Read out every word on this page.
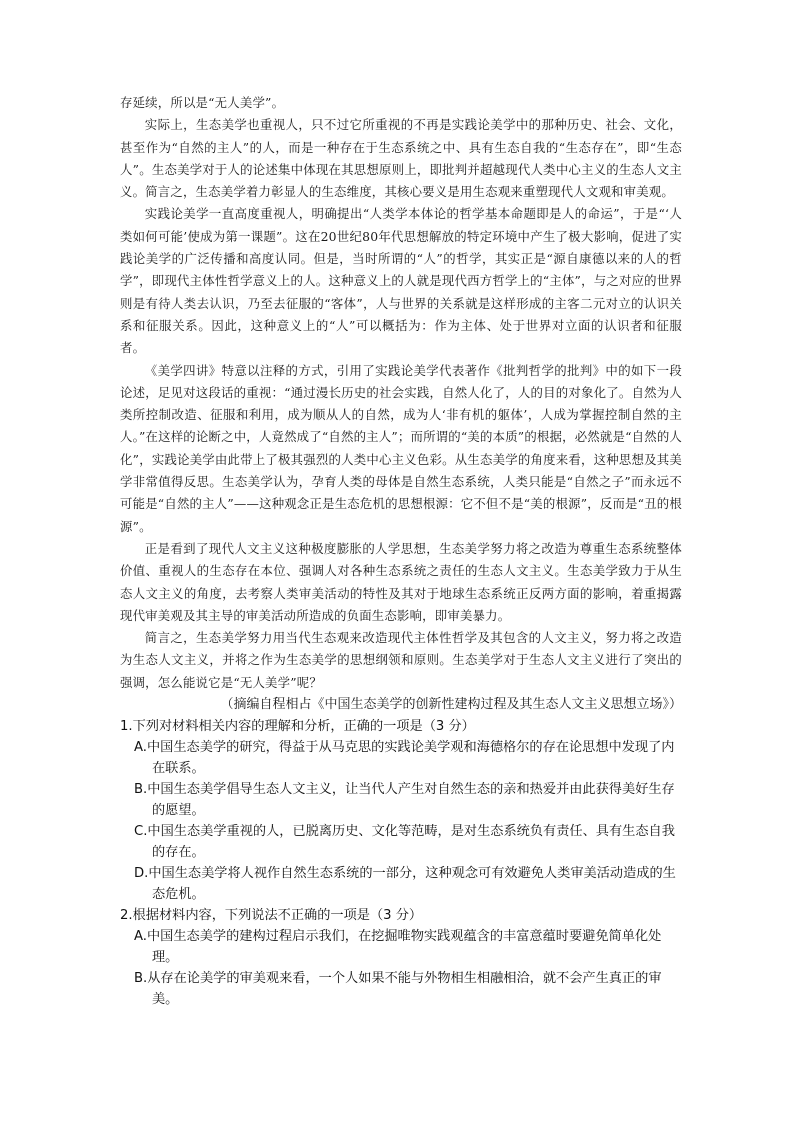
存延续，所以是“无人美学”。

实际上，生态美学也重视人，只不过它所重视的不再是实践论美学中的那种历史、社会、文化，甚至作为“自然的主人”的人，而是一种存在于生态系统之中、具有生态自我的“生态存在”，即“生态人”。生态美学对于人的论述集中体现在其思想原则上，即批判并超越现代人类中心主义的生态人文主义。简言之，生态美学着力彰显人的生态维度，其核心要义是用生态观来重塑现代人文观和审美观。

实践论美学一直高度重视人，明确提出“人类学本体论的哲学基本命题即是人的命运”，于是“‘人类如何可能’使成为第一课题”。这在20世纪80年代思想解放的特定环境中产生了极大影响，促进了实践论美学的广泛传播和高度认同。但是，当时所谓的“人”的哲学，其实正是“源自康德以来的人的哲学”，即现代主体性哲学意义上的人。这种意义上的人就是现代西方哲学上的“主体”，与之对应的世界则是有待人类去认识，乃至去征服的“客体”，人与世界的关系就是这样形成的主客二元对立的认识关系和征服关系。因此，这种意义上的“人”可以概括为：作为主体、处于世界对立面的认识者和征服者。

《美学四讲》特意以注释的方式，引用了实践论美学代表著作《批判哲学的批判》中的如下一段论述，足见对这段话的重视：“通过漫长历史的社会实践，自然人化了，人的目的对象化了。自然为人类所控制改造、征服和利用，成为顺从人的自然，成为人‘非有机的躯体’，人成为掌握控制自然的主人。”在这样的论断之中，人竟然成了“自然的主人”；而所谓的“美的本质”的根据，必然就是“自然的人化”，实践论美学由此带上了极其强烈的人类中心主义色彩。从生态美学的角度来看，这种思想及其美学非常值得反思。生态美学认为，孕育人类的母体是自然生态系统，人类只能是“自然之子”而永远不可能是“自然的主人”——这种观念正是生态危机的思想根源：它不但不是“美的根源”，反而是“丑的根源”。

正是看到了现代人文主义这种极度膨胀的人学思想，生态美学努力将之改造为尊重生态系统整体价值、重视人的生态存在本位、强调人对各种生态系统之责任的生态人文主义。生态美学致力于从生态人文主义的角度，去考察人类审美活动的特性及其对于地球生态系统正反两方面的影响，着重揭露现代审美观及其主导的审美活动所造成的负面生态影响，即审美暴力。

简言之，生态美学努力用当代生态观来改造现代主体性哲学及其包含的人文主义，努力将之改造为生态人文主义，并将之作为生态美学的思想纲领和原则。生态美学对于生态人文主义进行了突出的强调，怎么能说它是“无人美学”呢？

（摘编自程相占《中国生态美学的创新性建构过程及其生态人文主义思想立场》）

1.下列对材料相关内容的理解和分析，正确的一项是（3 分）

A.中国生态美学的研究，得益于从马克思的实践论美学观和海德格尔的存在论思想中发现了内在联系。

B.中国生态美学倡导生态人文主义，让当代人产生对自然生态的亲和热爱并由此获得美好生存的愿望。

C.中国生态美学重视的人，已脱离历史、文化等范畴，是对生态系统负有责任、具有生态自我的存在。

D.中国生态美学将人视作自然生态系统的一部分，这种观念可有效避免人类审美活动造成的生态危机。

2.根据材料内容，下列说法不正确的一项是（3 分）

A.中国生态美学的建构过程启示我们，在挖掘唯物实践观蕴含的丰富意蕴时要避免简单化处理。

B.从存在论美学的审美观来看，一个人如果不能与外物相生相融相洽，就不会产生真正的审美。
